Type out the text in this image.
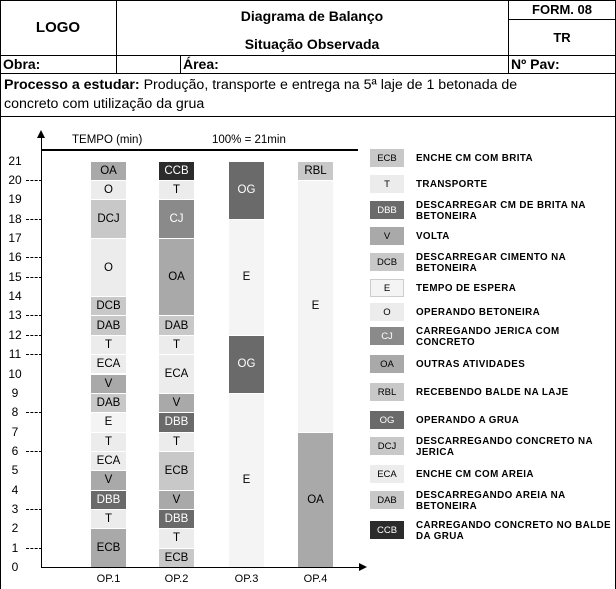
LOGO
Diagrama de Balanço
Situação Observada
FORM. 08
TR
Obra:	Área:	Nº Pav:
Processo a estudar: Produção, transporte e entrega na 5ª laje de 1 betonada de
concreto com utilização da grua
TEMPO (min)	100% = 21min
0
1
2
3
4
5
6
7
8
9
10
11
12
13
14
15
16
17
18
19
20
21
ECB
T
DBB
V
ECA
T
E
DAB
V
ECA
T
DAB
DCB
O
DCJ
O
OA
ECB
T
DBB
V
ECB
T
DBB
V
ECA
T
DAB
OA
CJ
T
CCB
E
OG
E
OG
OA
E
RBL
OP.1	OP.2	OP.3	OP.4
ECB	ENCHE CM COM BRITA
T	TRANSPORTE
DBB	DESCARREGAR CM DE BRITA NA BETONEIRA
V	VOLTA
DCB	DESCARREGAR CIMENTO NA BETONEIRA
E	TEMPO DE ESPERA
O	OPERANDO BETONEIRA
CJ	CARREGANDO JERICA COM CONCRETO
OA	OUTRAS ATIVIDADES
RBL	RECEBENDO BALDE NA LAJE
OG	OPERANDO A GRUA
DCJ	DESCARREGANDO CONCRETO NA JERICA
ECA	ENCHE CM COM AREIA
DAB	DESCARREGANDO AREIA NA BETONEIRA
CCB	CARREGANDO CONCRETO NO BALDE DA GRUA
